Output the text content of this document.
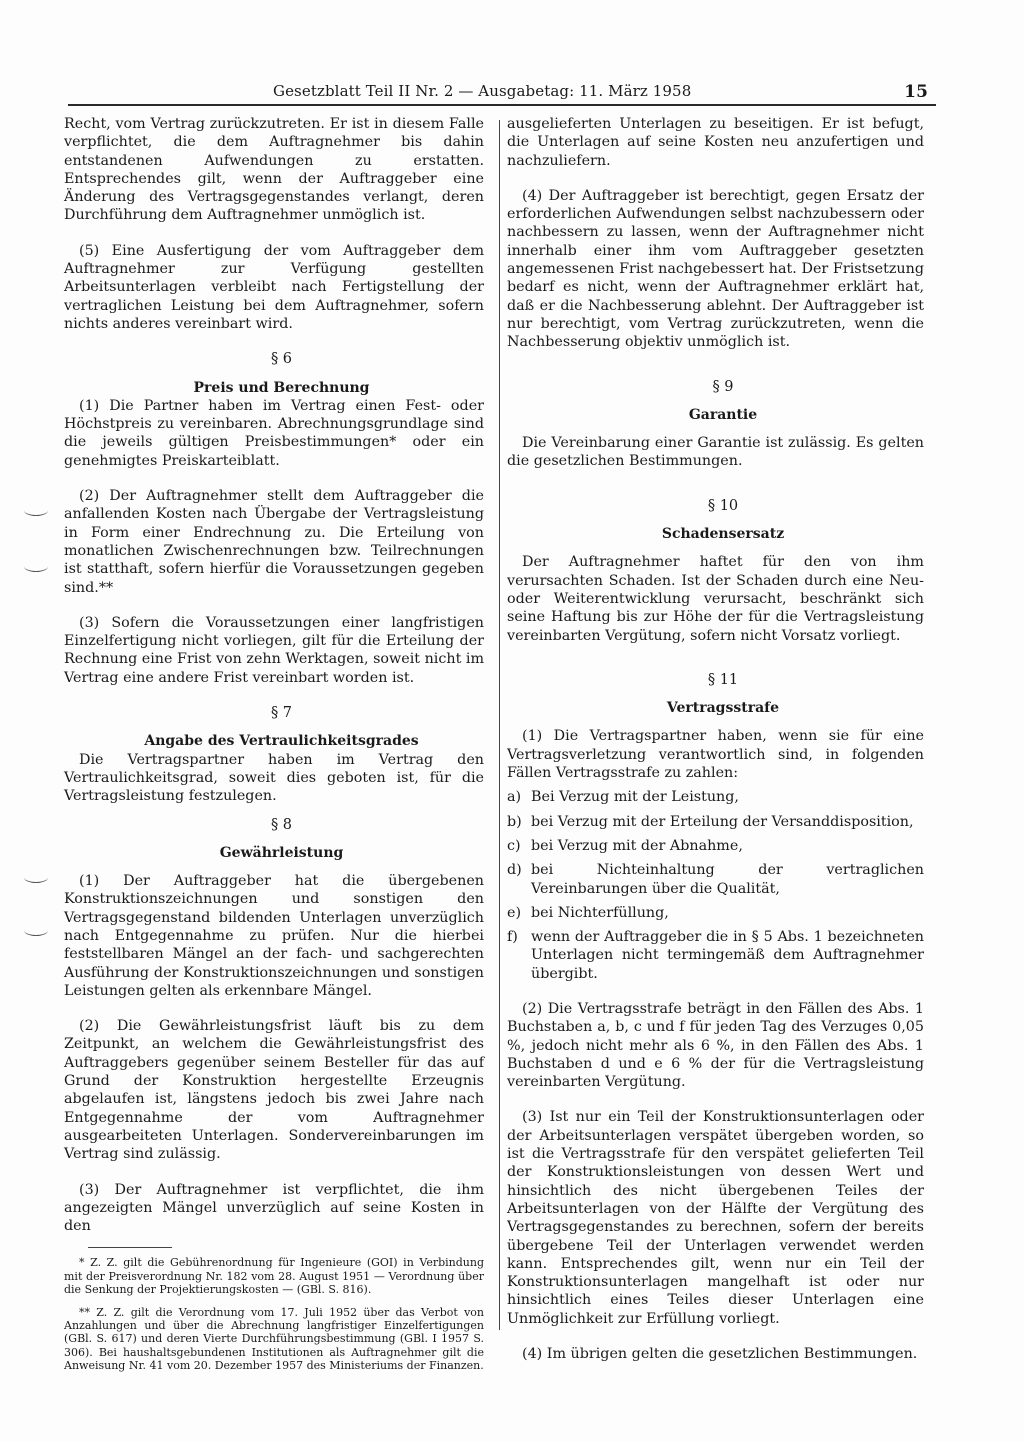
Gesetzblatt Teil II Nr. 2 — Ausgabetag: 11. März 1958	15

Recht, vom Vertrag zurückzutreten. Er ist in diesem Falle verpflichtet, die dem Auftragnehmer bis dahin entstandenen Aufwendungen zu erstatten. Entsprechendes gilt, wenn der Auftraggeber eine Änderung des Vertragsgegenstandes verlangt, deren Durchführung dem Auftragnehmer unmöglich ist.

(5) Eine Ausfertigung der vom Auftraggeber dem Auftragnehmer zur Verfügung gestellten Arbeitsunterlagen verbleibt nach Fertigstellung der vertraglichen Leistung bei dem Auftragnehmer, sofern nichts anderes vereinbart wird.

§ 6

Preis und Berechnung

(1) Die Partner haben im Vertrag einen Fest- oder Höchstpreis zu vereinbaren. Abrechnungsgrundlage sind die jeweils gültigen Preisbestimmungen* oder ein genehmigtes Preiskarteiblatt.

(2) Der Auftragnehmer stellt dem Auftraggeber die anfallenden Kosten nach Übergabe der Vertragsleistung in Form einer Endrechnung zu. Die Erteilung von monatlichen Zwischenrechnungen bzw. Teilrechnungen ist statthaft, sofern hierfür die Voraussetzungen gegeben sind.**

(3) Sofern die Voraussetzungen einer langfristigen Einzelfertigung nicht vorliegen, gilt für die Erteilung der Rechnung eine Frist von zehn Werktagen, soweit nicht im Vertrag eine andere Frist vereinbart worden ist.

§ 7

Angabe des Vertraulichkeitsgrades

Die Vertragspartner haben im Vertrag den Vertraulichkeitsgrad, soweit dies geboten ist, für die Vertragsleistung festzulegen.

§ 8

Gewährleistung

(1) Der Auftraggeber hat die übergebenen Konstruktionszeichnungen und sonstigen den Vertragsgegenstand bildenden Unterlagen unverzüglich nach Entgegennahme zu prüfen. Nur die hierbei feststellbaren Mängel an der fach- und sachgerechten Ausführung der Konstruktionszeichnungen und sonstigen Leistungen gelten als erkennbare Mängel.

(2) Die Gewährleistungsfrist läuft bis zu dem Zeitpunkt, an welchem die Gewährleistungsfrist des Auftraggebers gegenüber seinem Besteller für das auf Grund der Konstruktion hergestellte Erzeugnis abgelaufen ist, längstens jedoch bis zwei Jahre nach Entgegennahme der vom Auftragnehmer ausgearbeiteten Unterlagen. Sondervereinbarungen im Vertrag sind zulässig.

(3) Der Auftragnehmer ist verpflichtet, die ihm angezeigten Mängel unverzüglich auf seine Kosten in den

* Z. Z. gilt die Gebührenordnung für Ingenieure (GOI) in Verbindung mit der Preisverordnung Nr. 182 vom 28. August 1951 — Verordnung über die Senkung der Projektierungskosten — (GBl. S. 816).

** Z. Z. gilt die Verordnung vom 17. Juli 1952 über das Verbot von Anzahlungen und über die Abrechnung langfristiger Einzelfertigungen (GBl. S. 617) und deren Vierte Durchführungsbestimmung (GBl. I 1957 S. 306). Bei haushaltsgebundenen Institutionen als Auftragnehmer gilt die Anweisung Nr. 41 vom 20. Dezember 1957 des Ministeriums der Finanzen.

ausgelieferten Unterlagen zu beseitigen. Er ist befugt, die Unterlagen auf seine Kosten neu anzufertigen und nachzuliefern.

(4) Der Auftraggeber ist berechtigt, gegen Ersatz der erforderlichen Aufwendungen selbst nachzubessern oder nachbessern zu lassen, wenn der Auftragnehmer nicht innerhalb einer ihm vom Auftraggeber gesetzten angemessenen Frist nachgebessert hat. Der Fristsetzung bedarf es nicht, wenn der Auftragnehmer erklärt hat, daß er die Nachbesserung ablehnt. Der Auftraggeber ist nur berechtigt, vom Vertrag zurückzutreten, wenn die Nachbesserung objektiv unmöglich ist.

§ 9

Garantie

Die Vereinbarung einer Garantie ist zulässig. Es gelten die gesetzlichen Bestimmungen.

§ 10

Schadensersatz

Der Auftragnehmer haftet für den von ihm verursachten Schaden. Ist der Schaden durch eine Neu- oder Weiterentwicklung verursacht, beschränkt sich seine Haftung bis zur Höhe der für die Vertragsleistung vereinbarten Vergütung, sofern nicht Vorsatz vorliegt.

§ 11

Vertragsstrafe

(1) Die Vertragspartner haben, wenn sie für eine Vertragsverletzung verantwortlich sind, in folgenden Fällen Vertragsstrafe zu zahlen:

a) Bei Verzug mit der Leistung,
b) bei Verzug mit der Erteilung der Versanddisposition,
c) bei Verzug mit der Abnahme,
d) bei Nichteinhaltung der vertraglichen Vereinbarungen über die Qualität,
e) bei Nichterfüllung,
f) wenn der Auftraggeber die in § 5 Abs. 1 bezeichneten Unterlagen nicht termingemäß dem Auftragnehmer übergibt.

(2) Die Vertragsstrafe beträgt in den Fällen des Abs. 1 Buchstaben a, b, c und f für jeden Tag des Verzuges 0,05 %, jedoch nicht mehr als 6 %, in den Fällen des Abs. 1 Buchstaben d und e 6 % der für die Vertragsleistung vereinbarten Vergütung.

(3) Ist nur ein Teil der Konstruktionsunterlagen oder der Arbeitsunterlagen verspätet übergeben worden, so ist die Vertragsstrafe für den verspätet gelieferten Teil der Konstruktionsleistungen von dessen Wert und hinsichtlich des nicht übergebenen Teiles der Arbeitsunterlagen von der Hälfte der Vergütung des Vertragsgegenstandes zu berechnen, sofern der bereits übergebene Teil der Unterlagen verwendet werden kann. Entsprechendes gilt, wenn nur ein Teil der Konstruktionsunterlagen mangelhaft ist oder nur hinsichtlich eines Teiles dieser Unterlagen eine Unmöglichkeit zur Erfüllung vorliegt.

(4) Im übrigen gelten die gesetzlichen Bestimmungen.
